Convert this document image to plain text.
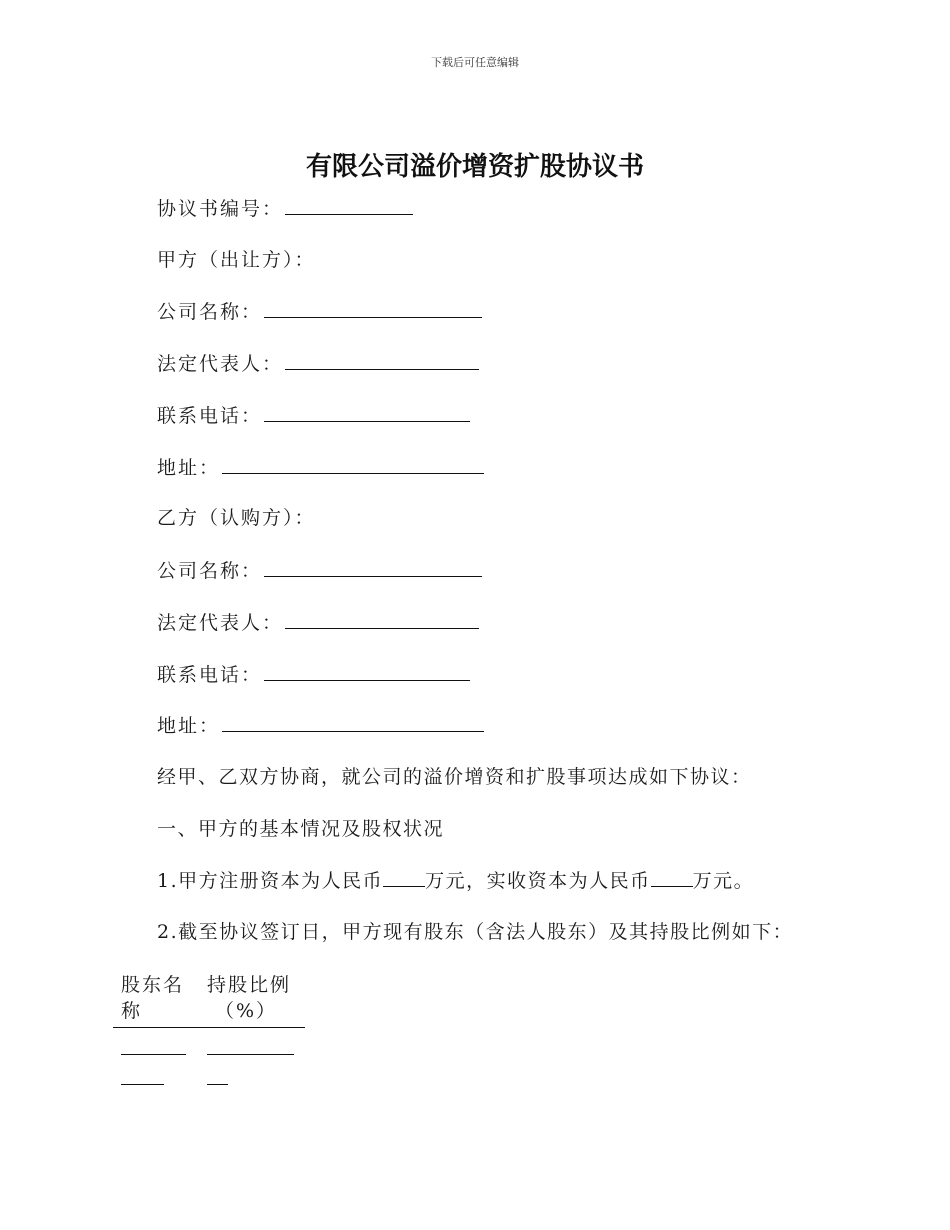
下载后可任意编辑
有限公司溢价增资扩股协议书
协议书编号：
甲方（出让方）：
公司名称：
法定代表人：
联系电话：
地址：
乙方（认购方）：
公司名称：
法定代表人：
联系电话：
地址：
经甲、乙双方协商，就公司的溢价增资和扩股事项达成如下协议：
一、甲方的基本情况及股权状况
1.甲方注册资本为人民币 万元，实收资本为人民币 万元。
2.截至协议签订日，甲方现有股东（含法人股东）及其持股比例如下：
股东名
称
持股比例
（%）
